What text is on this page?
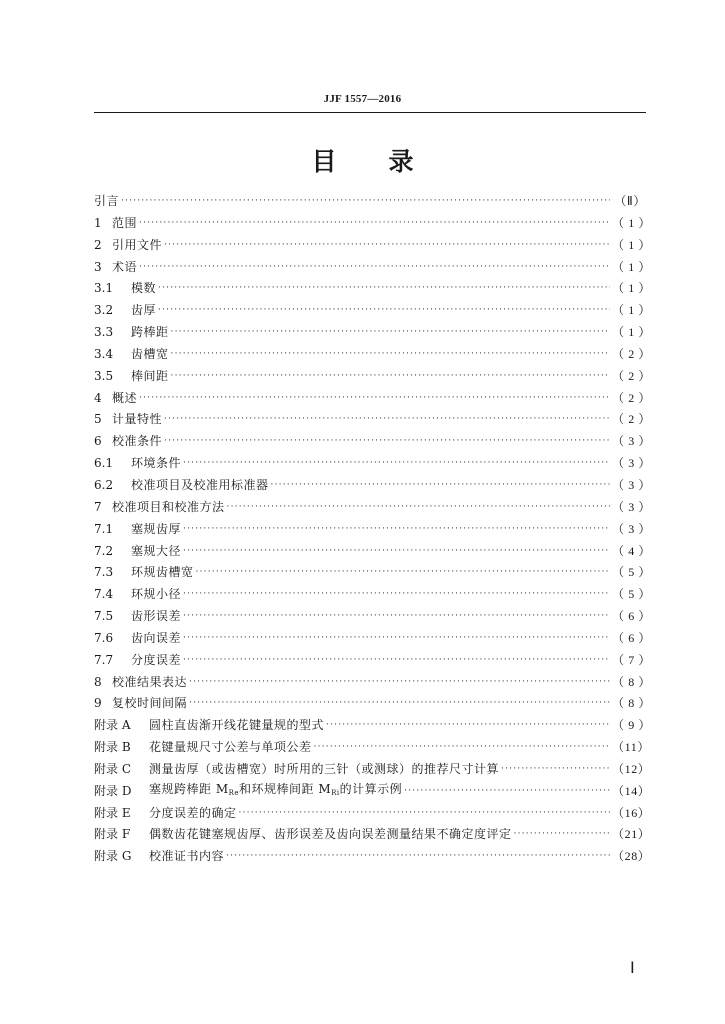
JJF 1557—2016
目 录
引言 ·····	（Ⅱ）
1 范围 ·····	（ 1 ）
2 引用文件 ·····	（ 1 ）
3 术语 ·····	（ 1 ）
3.1	模数 ·····	（ 1 ）
3.2	齿厚 ·····	（ 1 ）
3.3	跨棒距 ·····	（ 1 ）
3.4	齿槽宽 ·····	（ 2 ）
3.5	棒间距 ·····	（ 2 ）
4 概述 ·····	（ 2 ）
5 计量特性 ·····	（ 2 ）
6 校准条件 ·····	（ 3 ）
6.1	环境条件 ·····	（ 3 ）
6.2	校准项目及校准用标准器 ·····	（ 3 ）
7 校准项目和校准方法 ·····	（ 3 ）
7.1	塞规齿厚 ·····	（ 3 ）
7.2	塞规大径 ·····	（ 4 ）
7.3	环规齿槽宽 ·····	（ 5 ）
7.4	环规小径 ·····	（ 5 ）
7.5	齿形误差 ·····	（ 6 ）
7.6	齿向误差 ·····	（ 6 ）
7.7	分度误差 ·····	（ 7 ）
8 校准结果表达 ·····	（ 8 ）
9 复校时间间隔 ·····	（ 8 ）
附录 A	圆柱直齿渐开线花键量规的型式 ·····	（ 9 ）
附录 B	花键量规尺寸公差与单项公差 ·····	（11）
附录 C	测量齿厚（或齿槽宽）时所用的三针（或测球）的推荐尺寸计算 ·····	（12）
附录 D	塞规跨棒距 $M_{Re}$和环规棒间距 $M_{Ri}$的计算示例 ·····	（14）
附录 E	分度误差的确定 ·····	（16）
附录 F	偶数齿花键塞规齿厚、齿形误差及齿向误差测量结果不确定度评定 ·····	（21）
附录 G	校准证书内容 ·····	（28）
Ⅰ
